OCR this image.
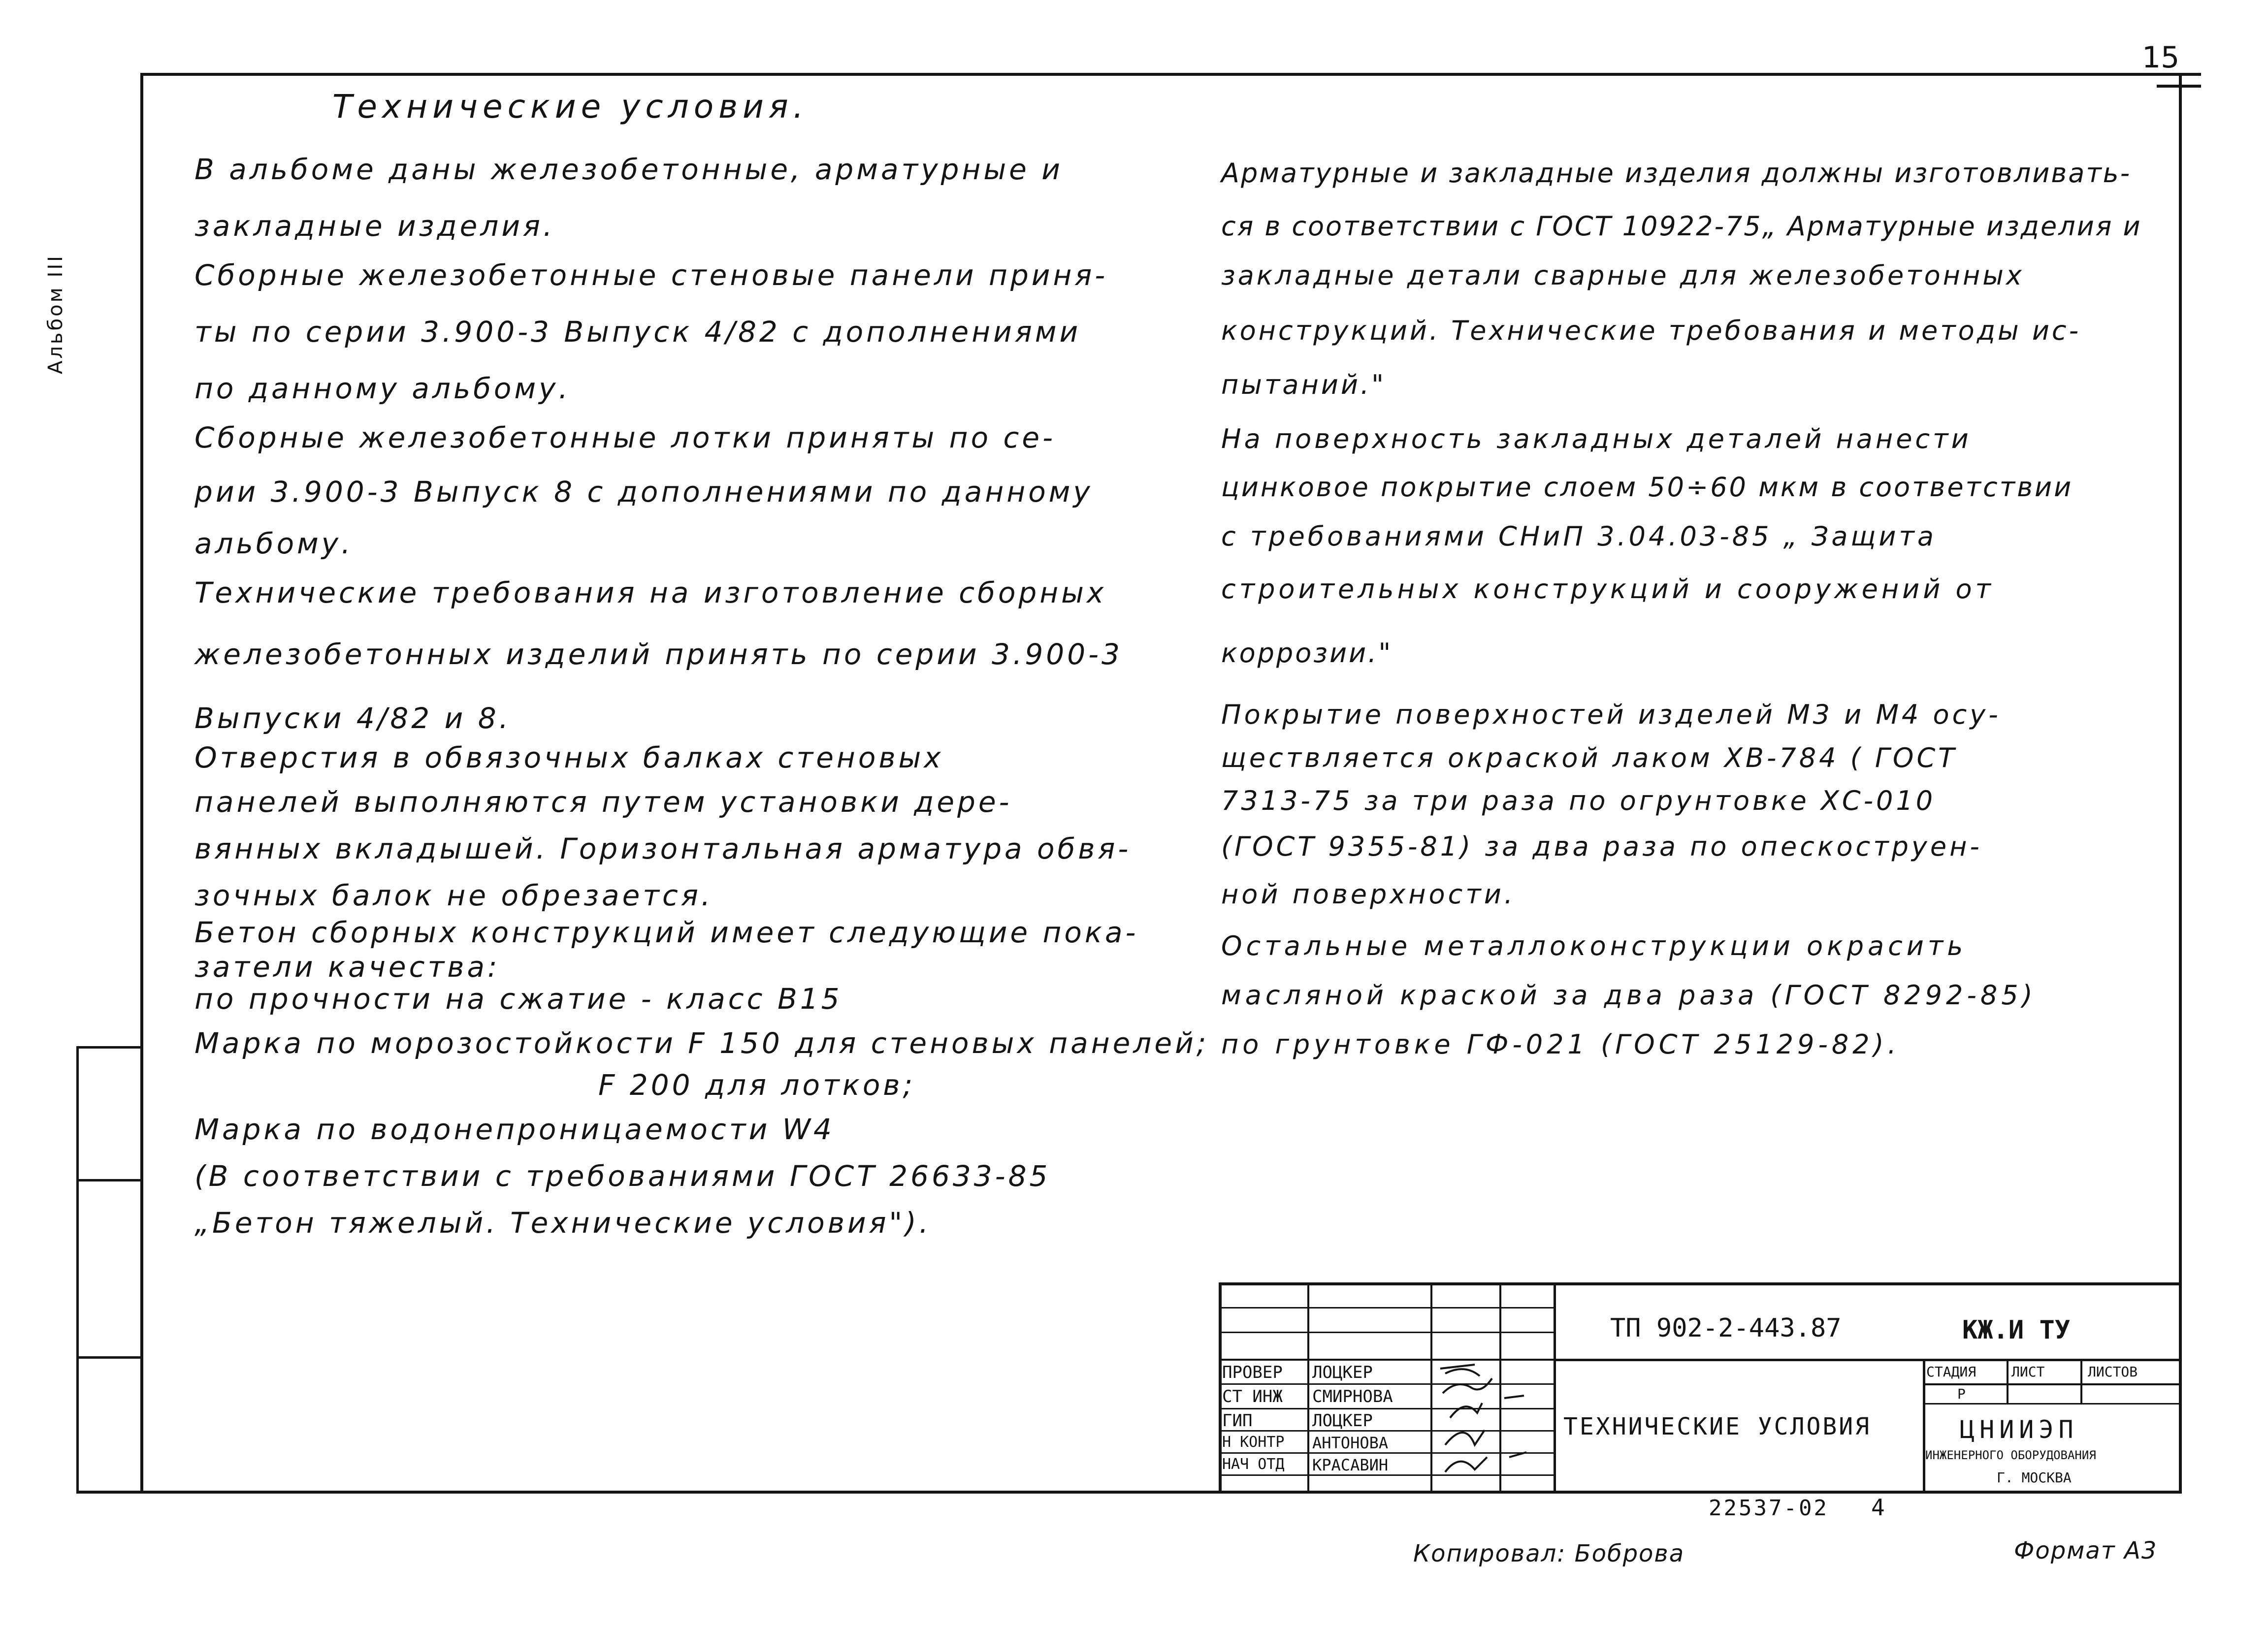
Альбом III
15
Технические условия.
В альбоме даны железобетонные, арматурные и
закладные изделия.
Сборные железобетонные стеновые панели приня-
ты по серии 3.900-3 Выпуск 4/82 с дополнениями
по данному альбому.
Сборные железобетонные лотки приняты по се-
рии 3.900-3 Выпуск 8 с дополнениями по данному
альбому.
Технические требования на изготовление сборных
железобетонных изделий принять по серии 3.900-3
Выпуски 4/82 и 8.
Отверстия в обвязочных балках стеновых
панелей выполняются путем установки дере-
вянных вкладышей. Горизонтальная арматура обвя-
зочных балок не обрезается.
Бетон сборных конструкций имеет следующие пока-
затели качества:
по прочности на сжатие - класс В15
Марка по морозостойкости F 150 для стеновых панелей;
F 200 для лотков;
Марка по водонепроницаемости W4
(В соответствии с требованиями ГОСТ 26633-85
„Бетон тяжелый. Технические условия").
Арматурные и закладные изделия должны изготовливать-
ся в соответствии с ГОСТ 10922-75„ Арматурные изделия и
закладные детали сварные для железобетонных
конструкций. Технические требования и методы ис-
пытаний."
На поверхность закладных деталей нанести
цинковое покрытие слоем 50÷60 мкм в соответствии
с требованиями СНиП 3.04.03-85 „ Защита
строительных конструкций и сооружений от
коррозии."
Покрытие поверхностей изделей М3 и М4 осу-
ществляется окраской лаком ХВ-784 ( ГОСТ
7313-75 за три раза по огрунтовке ХС-010
(ГОСТ 9355-81) за два раза по опескоструен-
ной поверхности.
Остальные металлоконструкции окрасить
масляной краской за два раза (ГОСТ 8292-85)
по грунтовке ГФ-021 (ГОСТ 25129-82).
ТП 902-2-443.87	КЖ.И ТУ
ТЕХНИЧЕСКИЕ УСЛОВИЯ
СТАДИЯ	ЛИСТ	ЛИСТОВ
Р
ЦНИИЭП
ИНЖЕНЕРНОГО ОБОРУДОВАНИЯ
Г. МОСКВА
ПРОВЕР ЛОЦКЕР
СТ ИНЖ СМИРНОВА
ГИП	ЛОЦКЕР
Н КОНТР АНТОНОВА
НАЧ ОТД КРАСАВИН
22537-02 4
Копировал: Боброва	Формат А3
